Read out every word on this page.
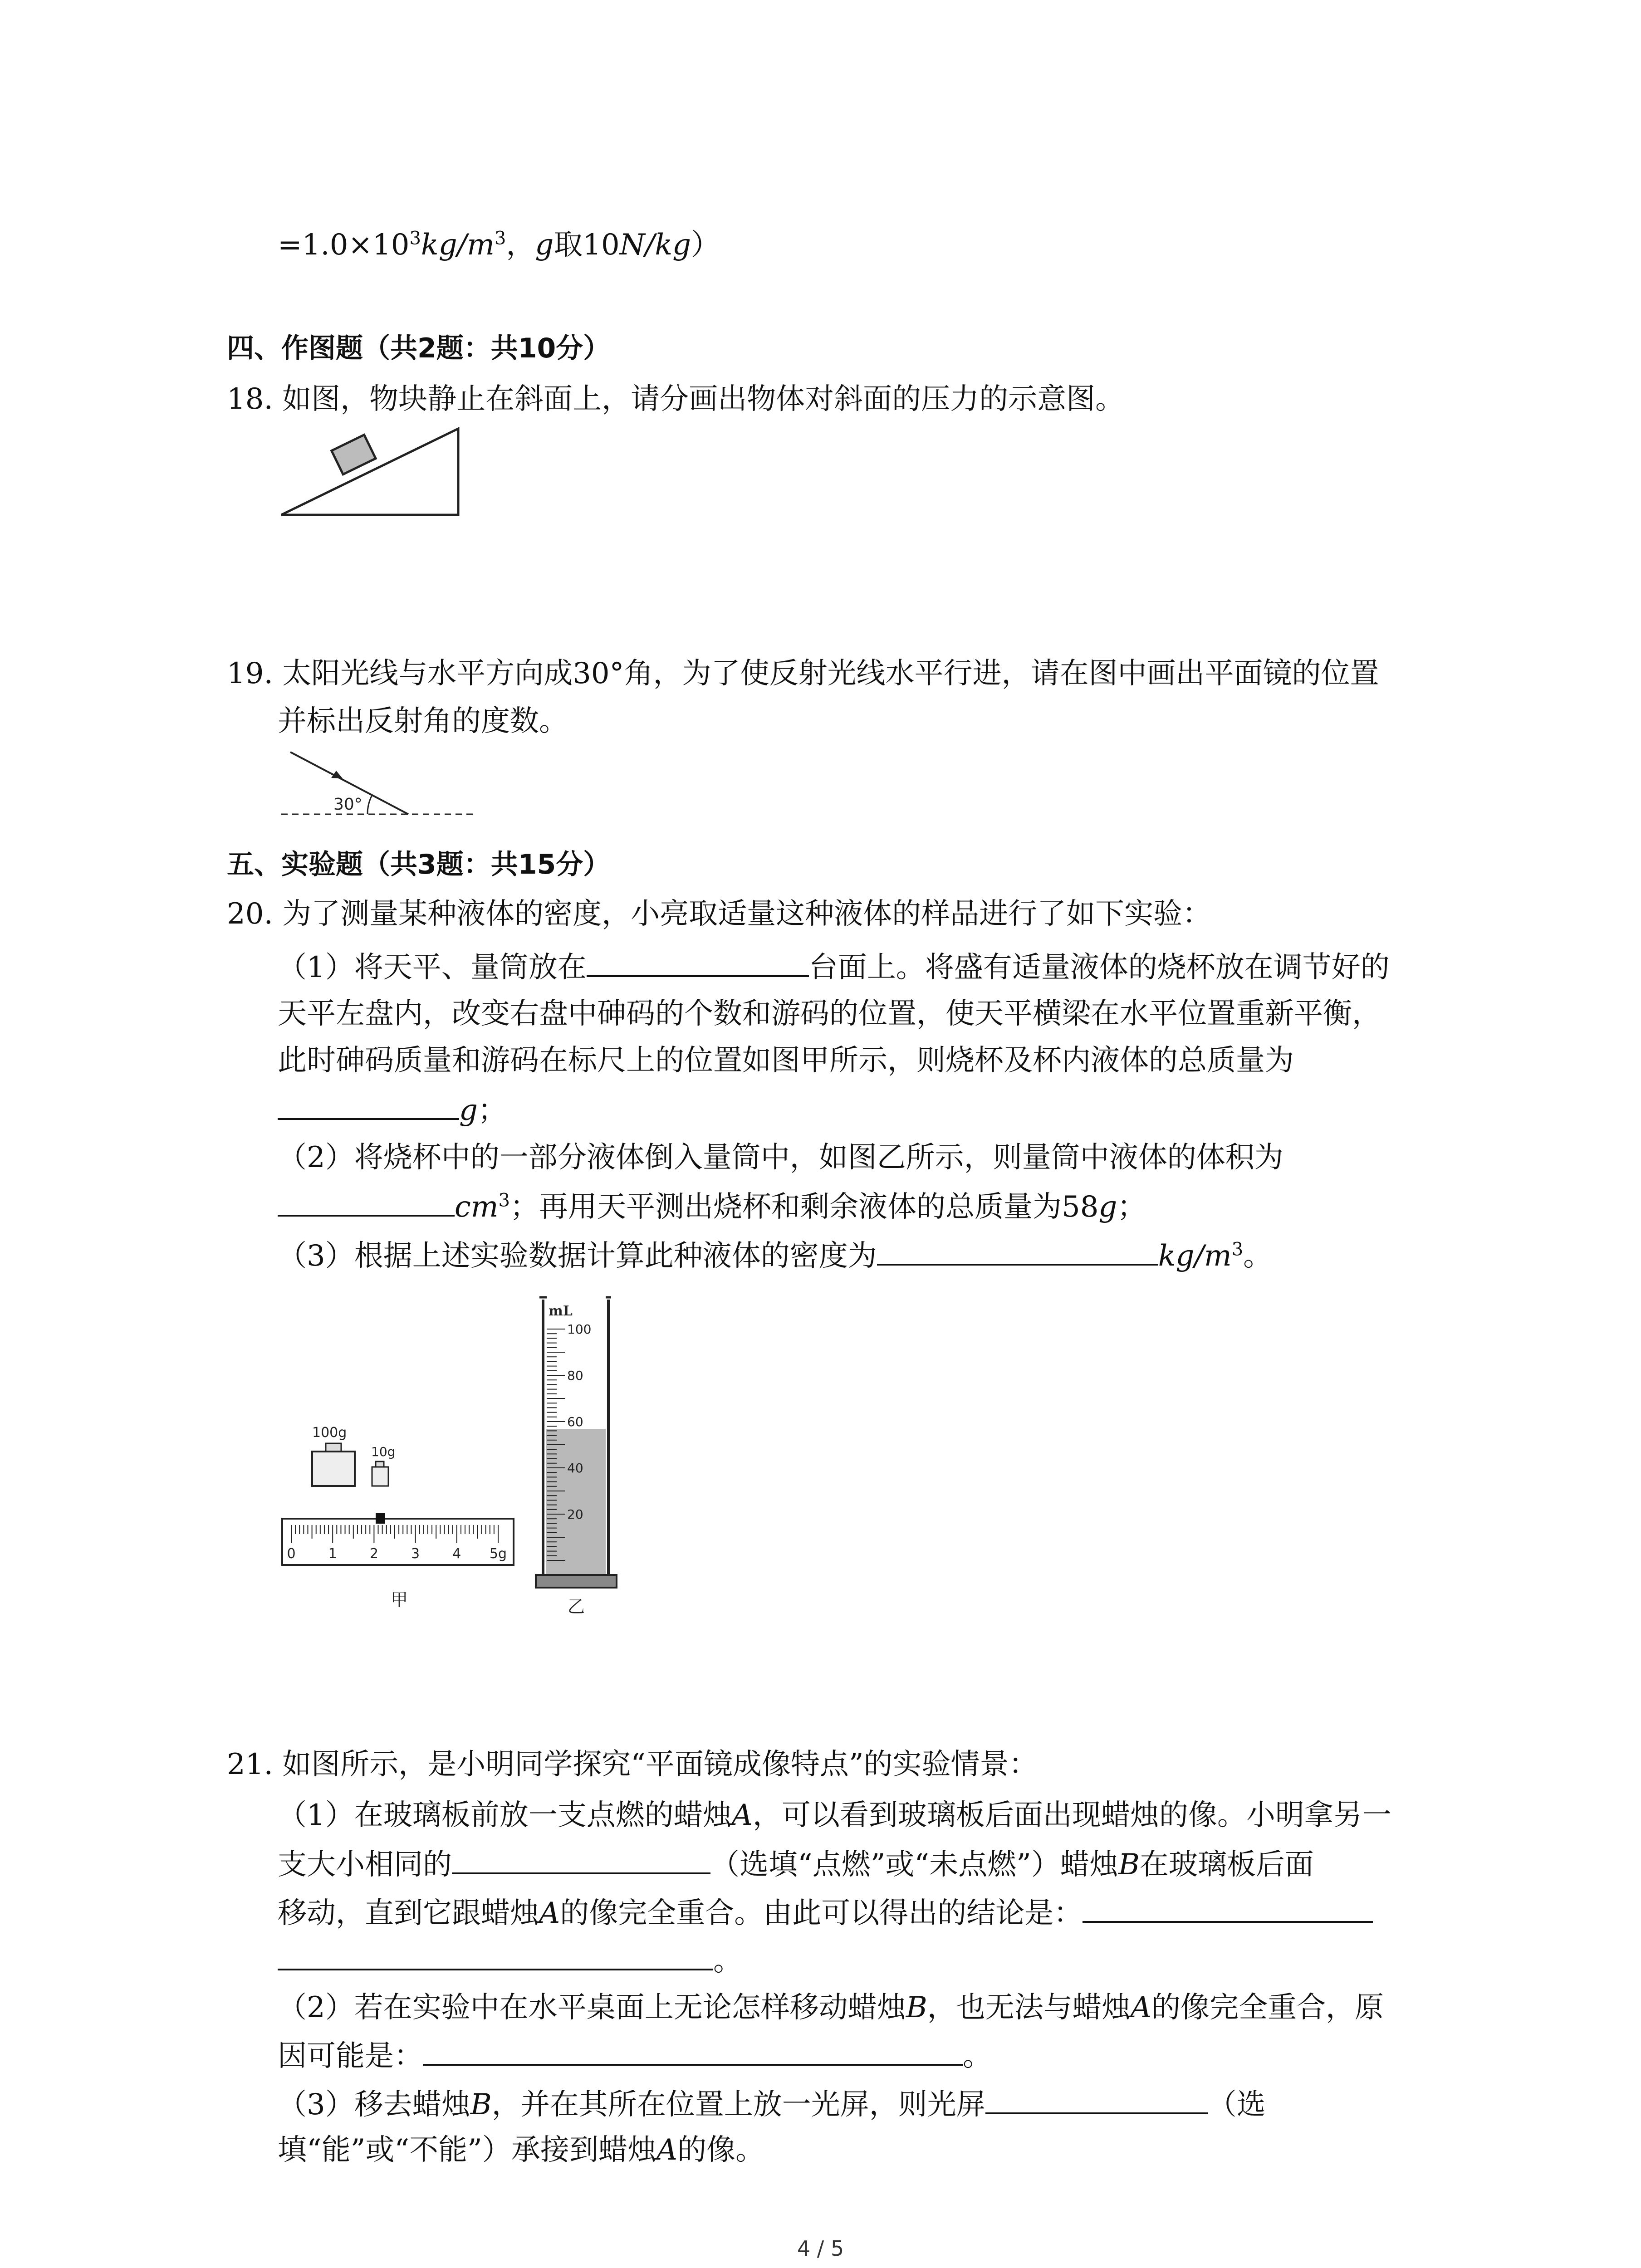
$=1.0\times 10^3kg/m^3$，g取10N/kg）
四、作图题（共2题：共10分）
18. 如图，物块静止在斜面上，请分画出物体对斜面的压力的示意图。
19. 太阳光线与水平方向成30°角，为了使反射光线水平行进，请在图中画出平面镜的位置
并标出反射角的度数。
30°
五、实验题（共3题：共15分）
20. 为了测量某种液体的密度，小亮取适量这种液体的样品进行了如下实验：
（1）将天平、量筒放在	台面上。将盛有适量液体的烧杯放在调节好的
天平左盘内，改变右盘中砷码的个数和游码的位置，使天平横梁在水平位置重新平衡，
此时砷码质量和游码在标尺上的位置如图甲所示，则烧杯及杯内液体的总质量为
g；
（2）将烧杯中的一部分液体倒入量筒中，如图乙所示，则量筒中液体的体积为
$cm^3$；再用天平测出烧杯和剩余液体的总质量为58g；
（3）根据上述实验数据计算此种液体的密度为	$kg/m^3$。
100g
10g
0 1 2 3 4 5g
甲
mL
100
80
60
40
20
乙
21. 如图所示，是小明同学探究“平面镜成像特点”的实验情景：
（1）在玻璃板前放一支点燃的蜡烛A，可以看到玻璃板后面出现蜡烛的像。小明拿另一
支大小相同的	（选填“点燃”或“未点燃”）蜡烛B在玻璃板后面
移动，直到它跟蜡烛A的像完全重合。由此可以得出的结论是：
。
（2）若在实验中在水平桌面上无论怎样移动蜡烛B，也无法与蜡烛A的像完全重合，原
因可能是：	。
（3）移去蜡烛B，并在其所在位置上放一光屏，则光屏	（选
填“能”或“不能”）承接到蜡烛A的像。
4 / 5
